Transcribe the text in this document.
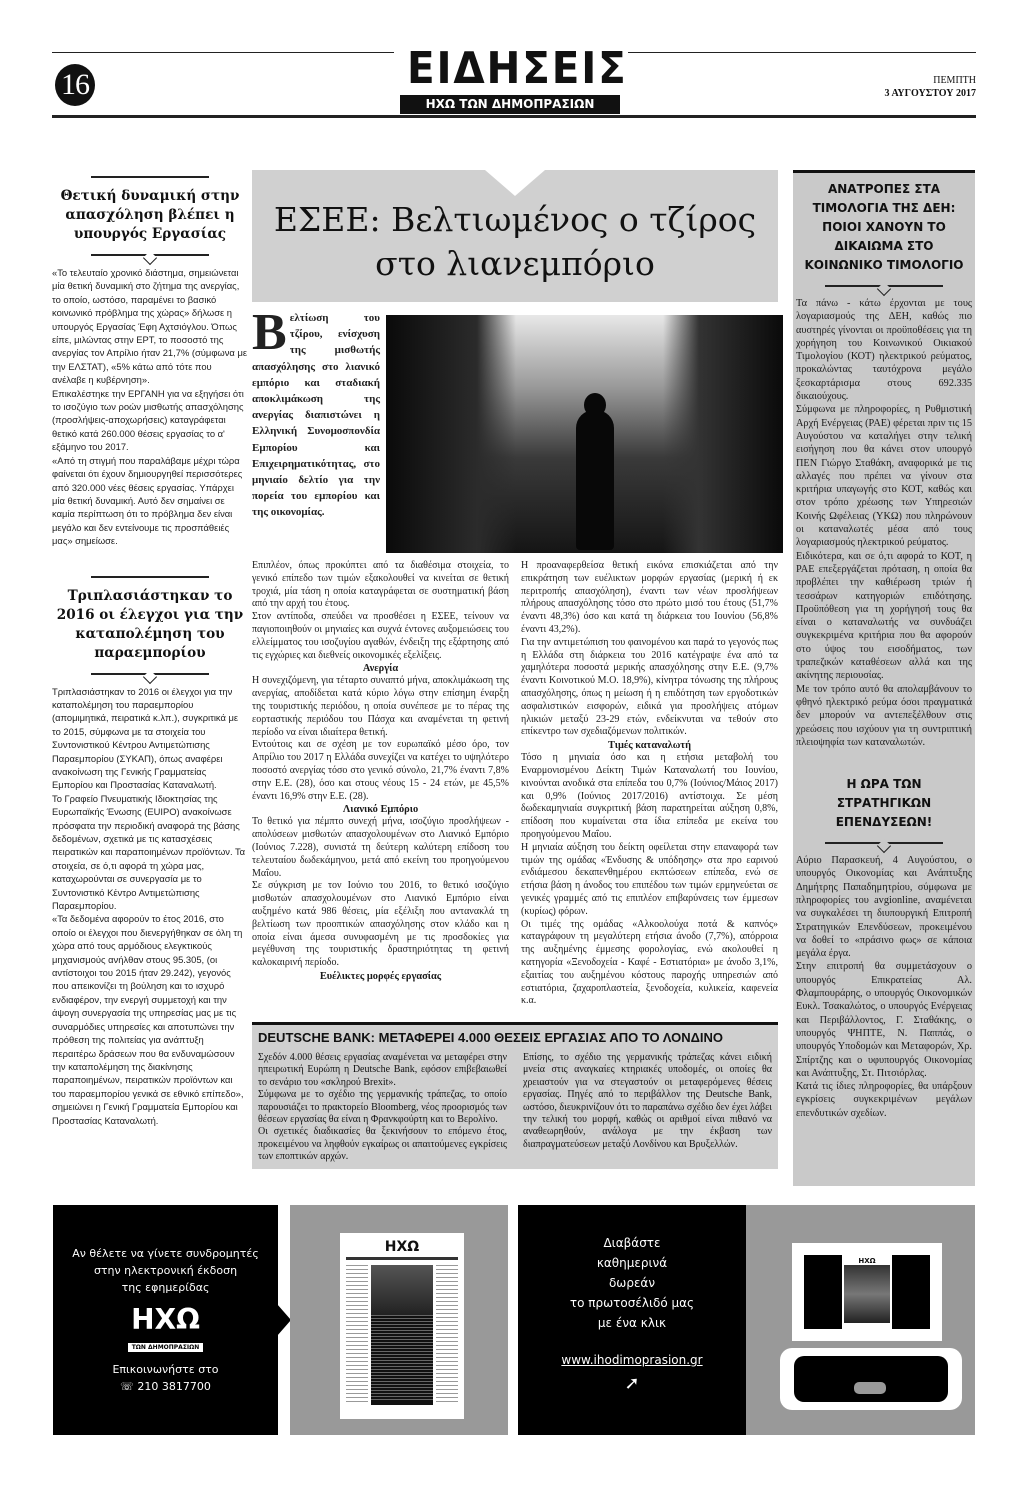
16	ΕΙΔΗΣΕΙΣ
ΗΧΩ ΤΩΝ ΔΗΜΟΠΡΑΣΙΩΝ
ΠΕΜΠΤΗ
3 ΑΥΓΟΥΣΤΟΥ 2017
Θετική δυναμική στην απασχόληση βλέπει η υπουργός Εργασίας

«Το τελευταίο χρονικό διάστημα, σημειώνεται μία θετική δυναμική στο ζήτημα της ανεργίας, το οποίο, ωστόσο, παραμένει το βασικό κοινωνικό πρόβλημα της χώρας» δήλωσε η υπουργός Εργασίας Έφη Αχτσιόγλου. Όπως είπε, μιλώντας στην ΕΡΤ, το ποσοστό της ανεργίας τον Απρίλιο ήταν 21,7% (σύμφωνα με την ΕΛΣΤΑΤ), «5% κάτω από τότε που ανέλαβε η κυβέρνηση».

Επικαλέστηκε την ΕΡΓΑΝΗ για να εξηγήσει ότι το ισοζύγιο των ροών μισθωτής απασχόλησης (προσλήψεις-αποχωρήσεις) καταγράφεται θετικό κατά 260.000 θέσεις εργασίας το α' εξάμηνο του 2017.

«Από τη στιγμή που παραλάβαμε μέχρι τώρα φαίνεται ότι έχουν δημιουργηθεί περισσότερες από 320.000 νέες θέσεις εργασίας. Υπάρχει μία θετική δυναμική. Αυτό δεν σημαίνει σε καμία περίπτωση ότι το πρόβλημα δεν είναι μεγάλο και δεν εντείνουμε τις προσπάθειές μας» σημείωσε.

Τριπλασιάστηκαν το 2016 οι έλεγχοι για την καταπολέμηση του παραεμπορίου

Τριπλασιάστηκαν το 2016 οι έλεγχοι για την καταπολέμηση του παραεμπορίου (απομιμητικά, πειρατικά κ.λπ.), συγκριτικά με το 2015, σύμφωνα με τα στοιχεία του Συντονιστικού Κέντρου Αντιμετώπισης Παραεμπορίου (ΣΥΚΑΠ), όπως αναφέρει ανακοίνωση της Γενικής Γραμματείας Εμπορίου και Προστασίας Καταναλωτή.

Το Γραφείο Πνευματικής Ιδιοκτησίας της Ευρωπαϊκής Ένωσης (EUIPO) ανακοίνωσε πρόσφατα την περιοδική αναφορά της βάσης δεδομένων, σχετικά με τις κατασχέσεις πειρατικών και παραποιημένων προϊόντων. Τα στοιχεία, σε ό,τι αφορά τη χώρα μας, καταχωρούνται σε συνεργασία με το Συντονιστικό Κέντρο Αντιμετώπισης Παραεμπορίου.

«Τα δεδομένα αφορούν το έτος 2016, στο οποίο οι έλεγχοι που διενεργήθηκαν σε όλη τη χώρα από τους αρμόδιους ελεγκτικούς μηχανισμούς ανήλθαν στους 95.305, (οι αντίστοιχοι του 2015 ήταν 29.242), γεγονός που απεικονίζει τη βούληση και το ισχυρό ενδιαφέρον, την ενεργή συμμετοχή και την άψογη συνεργασία της υπηρεσίας μας με τις συναρμόδιες υπηρεσίες και αποτυπώνει την πρόθεση της πολιτείας για ανάπτυξη περαιτέρω δράσεων που θα ενδυναμώσουν την καταπολέμηση της διακίνησης παραποιημένων, πειρατικών προϊόντων και του παραεμπορίου γενικά σε εθνικό επίπεδο», σημειώνει η Γενική Γραμματεία Εμπορίου και Προστασίας Καταναλωτή.

ΕΣΕΕ: Βελτιωμένος ο τζίρος στο λιανεμπόριο
Βελτίωση του τζίρου, ενίσχυση της μισθωτής απασχόλησης στο λιανικό εμπόριο και σταδιακή αποκλιμάκωση της ανεργίας διαπιστώνει η Ελληνική Συνομοσπονδία Εμπορίου και Επιχειρηματικότητας, στο μηνιαίο δελτίο για την πορεία του εμπορίου και της οικονομίας.

Επιπλέον, όπως προκύπτει από τα διαθέσιμα στοιχεία, το γενικό επίπεδο των τιμών εξακολουθεί να κινείται σε θετική τροχιά, μία τάση η οποία καταγράφεται σε συστηματική βάση από την αρχή του έτους.

Στον αντίποδα, σπεύδει να προσθέσει η ΕΣΕΕ, τείνουν να παγιοποιηθούν οι μηνιαίες και συχνά έντονες αυξομειώσεις του ελλείμματος του ισοζυγίου αγαθών, ένδειξη της εξάρτησης από τις εγχώριες και διεθνείς οικονομικές εξελίξεις.

Ανεργία

Η συνεχιζόμενη, για τέταρτο συναπτό μήνα, αποκλιμάκωση της ανεργίας, αποδίδεται κατά κύριο λόγω στην επίσημη έναρξη της τουριστικής περιόδου, η οποία συνέπεσε με το πέρας της εορταστικής περιόδου του Πάσχα και αναμένεται τη φετινή περίοδο να είναι ιδιαίτερα θετική.

Εντούτοις και σε σχέση με τον ευρωπαϊκό μέσο όρο, τον Απρίλιο του 2017 η Ελλάδα συνεχίζει να κατέχει το υψηλότερο ποσοστό ανεργίας τόσο στο γενικό σύνολο, 21,7% έναντι 7,8% στην Ε.Ε. (28), όσο και στους νέους 15 - 24 ετών, με 45,5% έναντι 16,9% στην Ε.Ε. (28).

Λιανικό Εμπόριο

Το θετικό για πέμπτο συνεχή μήνα, ισοζύγιο προσλήψεων - απολύσεων μισθωτών απασχολουμένων στο Λιανικό Εμπόριο (Ιούνιος 7.228), συνιστά τη δεύτερη καλύτερη επίδοση του τελευταίου δωδεκάμηνου, μετά από εκείνη του προηγούμενου Μαΐου.

Σε σύγκριση με τον Ιούνιο του 2016, το θετικό ισοζύγιο μισθωτών απασχολουμένων στο Λιανικό Εμπόριο είναι αυξημένο κατά 986 θέσεις, μία εξέλιξη που αντανακλά τη βελτίωση των προοπτικών απασχόλησης στον κλάδο και η οποία είναι άμεσα συνυφασμένη με τις προσδοκίες για μεγέθυνση της τουριστικής δραστηριότητας τη φετινή καλοκαιρινή περίοδο.

Ευέλικτες μορφές εργασίας

Η προαναφερθείσα θετική εικόνα επισκιάζεται από την επικράτηση των ευέλικτων μορφών εργασίας (μερική ή εκ περιτροπής απασχόληση), έναντι των νέων προσλήψεων πλήρους απασχόλησης τόσο στο πρώτο μισό του έτους (51,7% έναντι 48,3%) όσο και κατά τη διάρκεια του Ιουνίου (56,8% έναντι 43,2%).

Για την αντιμετώπιση του φαινομένου και παρά το γεγονός πως η Ελλάδα στη διάρκεια του 2016 κατέγραψε ένα από τα χαμηλότερα ποσοστά μερικής απασχόλησης στην Ε.Ε. (9,7% έναντι Κοινοτικού Μ.Ο. 18,9%), κίνητρα τόνωσης της πλήρους απασχόλησης, όπως η μείωση ή η επιδότηση των εργοδοτικών ασφαλιστικών εισφορών, ειδικά για προσλήψεις ατόμων ηλικιών μεταξύ 23-29 ετών, ενδείκνυται να τεθούν στο επίκεντρο των σχεδιαζόμενων πολιτικών.

Τιμές καταναλωτή

Τόσο η μηνιαία όσο και η ετήσια μεταβολή του Εναρμονισμένου Δείκτη Τιμών Καταναλωτή του Ιουνίου, κινούνται ανοδικά στα επίπεδα του 0,7% (Ιούνιος/Μάιος 2017) και 0,9% (Ιούνιος 2017/2016) αντίστοιχα. Σε μέση δωδεκαμηνιαία συγκριτική βάση παρατηρείται αύξηση 0,8%, επίδοση που κυμαίνεται στα ίδια επίπεδα με εκείνα του προηγούμενου Μαΐου.

Η μηνιαία αύξηση του δείκτη οφείλεται στην επαναφορά των τιμών της ομάδας «Ένδυσης & υπόδησης» στα προ εαρινού ενδιάμεσου δεκαπενθημέρου εκπτώσεων επίπεδα, ενώ σε ετήσια βάση η άνοδος του επιπέδου των τιμών ερμηνεύεται σε γενικές γραμμές από τις επιπλέον επιβαρύνσεις των έμμεσων (κυρίως) φόρων.

Οι τιμές της ομάδας «Αλκοολούχα ποτά & καπνός» καταγράφουν τη μεγαλύτερη ετήσια άνοδο (7,7%), απόρροια της αυξημένης έμμεσης φορολογίας, ενώ ακολουθεί η κατηγορία «Ξενοδοχεία - Καφέ - Εστιατόρια» με άνοδο 3,1%, εξαιτίας του αυξημένου κόστους παροχής υπηρεσιών από εστιατόρια, ζαχαροπλαστεία, ξενοδοχεία, κυλικεία, καφενεία κ.α.

DEUTSCHE BANK: ΜΕΤΑΦΕΡΕΙ 4.000 ΘΕΣΕΙΣ ΕΡΓΑΣΙΑΣ ΑΠΟ ΤΟ ΛΟΝΔΙΝΟ

Σχεδόν 4.000 θέσεις εργασίας αναμένεται να μεταφέρει στην ηπειρωτική Ευρώπη η Deutsche Bank, εφόσον επιβεβαιωθεί το σενάριο του «σκληρού Brexit».

Σύμφωνα με το σχέδιο της γερμανικής τράπεζας, το οποίο παρουσιάζει το πρακτορείο Bloomberg, νέος προορισμός των θέσεων εργασίας θα είναι η Φρανκφούρτη και το Βερολίνο.

Οι σχετικές διαδικασίες θα ξεκινήσουν το επόμενο έτος, προκειμένου να ληφθούν εγκαίρως οι απαιτούμενες εγκρίσεις των εποπτικών αρχών.

Επίσης, το σχέδιο της γερμανικής τράπεζας κάνει ειδική μνεία στις αναγκαίες κτηριακές υποδομές, οι οποίες θα χρειαστούν για να στεγαστούν οι μεταφερόμενες θέσεις εργασίας. Πηγές από το περιβάλλον της Deutsche Bank, ωστόσο, διευκρινίζουν ότι το παραπάνω σχέδιο δεν έχει λάβει την τελική του μορφή, καθώς οι αριθμοί είναι πιθανό να αναθεωρηθούν, ανάλογα με την έκβαση των διαπραγματεύσεων μεταξύ Λονδίνου και Βρυξελλών.

ΑΝΑΤΡΟΠΕΣ ΣΤΑ ΤΙΜΟΛΟΓΙΑ ΤΗΣ ΔΕΗ: ΠΟΙΟΙ ΧΑΝΟΥΝ ΤΟ ΔΙΚΑΙΩΜΑ ΣΤΟ ΚΟΙΝΩΝΙΚΟ ΤΙΜΟΛΟΓΙΟ

Τα πάνω - κάτω έρχονται με τους λογαριασμούς της ΔΕΗ, καθώς πιο αυστηρές γίνονται οι προϋποθέσεις για τη χορήγηση του Κοινωνικού Οικιακού Τιμολογίου (ΚΟΤ) ηλεκτρικού ρεύματος, προκαλώντας ταυτόχρονα μεγάλο ξεσκαρτάρισμα στους 692.335 δικαιούχους.

Σύμφωνα με πληροφορίες, η Ρυθμιστική Αρχή Ενέργειας (ΡΑΕ) φέρεται πριν τις 15 Αυγούστου να καταλήγει στην τελική εισήγηση που θα κάνει στον υπουργό ΠΕΝ Γιώργο Σταθάκη, αναφορικά με τις αλλαγές που πρέπει να γίνουν στα κριτήρια υπαγωγής στο ΚΟΤ, καθώς και στον τρόπο χρέωσης των Υπηρεσιών Κοινής Ωφέλειας (ΥΚΩ) που πληρώνουν οι καταναλωτές μέσα από τους λογαριασμούς ηλεκτρικού ρεύματος.

Ειδικότερα, και σε ό,τι αφορά το ΚΟΤ, η ΡΑΕ επεξεργάζεται πρόταση, η οποία θα προβλέπει την καθιέρωση τριών ή τεσσάρων κατηγοριών επιδότησης. Προϋπόθεση για τη χορήγησή τους θα είναι ο καταναλωτής να συνδυάζει συγκεκριμένα κριτήρια που θα αφορούν στο ύψος του εισοδήματος, των τραπεζικών καταθέσεων αλλά και της ακίνητης περιουσίας.

Με τον τρόπο αυτό θα απολαμβάνουν το φθηνό ηλεκτρικό ρεύμα όσοι πραγματικά δεν μπορούν να αντεπεξέλθουν στις χρεώσεις που ισχύουν για τη συντριπτική πλειοψηφία των καταναλωτών.

Η ΩΡΑ ΤΩΝ ΣΤΡΑΤΗΓΙΚΩΝ ΕΠΕΝΔΥΣΕΩΝ!

Αύριο Παρασκευή, 4 Αυγούστου, ο υπουργός Οικονομίας και Ανάπτυξης Δημήτρης Παπαδημητρίου, σύμφωνα με πληροφορίες του avgionline, αναμένεται να συγκαλέσει τη διυπουργική Επιτροπή Στρατηγικών Επενδύσεων, προκειμένου να δοθεί το «πράσινο φως» σε κάποια μεγάλα έργα.

Στην επιτροπή θα συμμετάσχουν ο υπουργός Επικρατείας Αλ. Φλαμπουράρης, ο υπουργός Οικονομικών Ευκλ. Τσακαλώτος, ο υπουργός Ενέργειας και Περιβάλλοντος, Γ. Σταθάκης, ο υπουργός ΨΗΠΤΕ, Ν. Παππάς, ο υπουργός Υποδομών και Μεταφορών, Χρ. Σπίρτζης και ο υφυπουργός Οικονομίας και Ανάπτυξης, Στ. Πιτσιόρλας.

Κατά τις ίδιες πληροφορίες, θα υπάρξουν εγκρίσεις συγκεκριμένων μεγάλων επενδυτικών σχεδίων.

Αν θέλετε να γίνετε συνδρομητές
στην ηλεκτρονική έκδοση
της εφημερίδας
ΗΧΩ
ΤΩΝ ΔΗΜΟΠΡΑΣΙΩΝ
Επικοινωνήστε στο
☏ 210 3817700
ΗΧΩ	Διαβάστε
καθημερινά
δωρεάν
το πρωτοσέλιδό μας
με ένα κλικ
www.ihodimoprasion.gr
➚
ΗΧΩ
